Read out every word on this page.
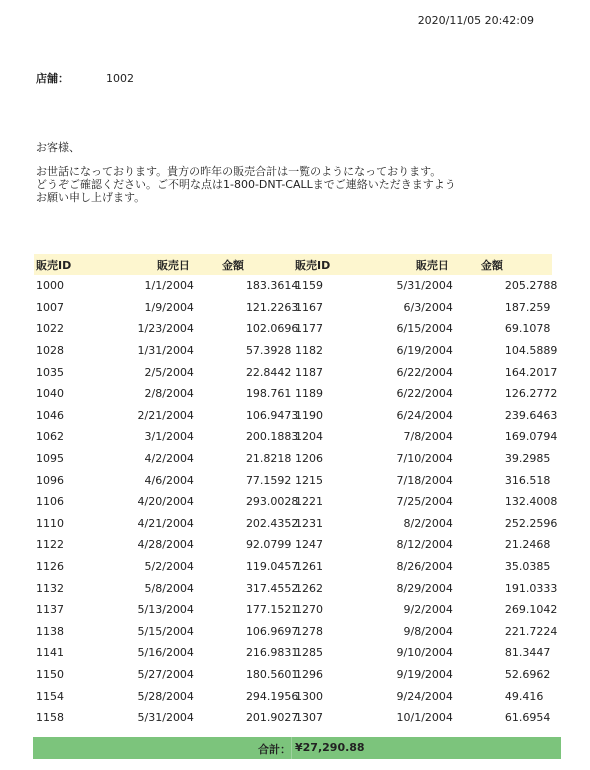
2020/11/05 20:42:09
店舗：	1002
お客様、
お世話になっております。貴方の昨年の販売合計は一覧のようになっております。
どうぞご確認ください。ご不明な点は1-800-DNT-CALLまでご連絡いただきますよう
お願い申し上げます。
販売ID	販売日	金額	販売ID	販売日	金額
1000	1/1/2004	183.3614	1159	5/31/2004	205.2788
1007	1/9/2004	121.2263	1167	6/3/2004	187.259
1022	1/23/2004	102.0696	1177	6/15/2004	69.1078
1028	1/31/2004	57.3928	1182	6/19/2004	104.5889
1035	2/5/2004	22.8442	1187	6/22/2004	164.2017
1040	2/8/2004	198.761	1189	6/22/2004	126.2772
1046	2/21/2004	106.9473	1190	6/24/2004	239.6463
1062	3/1/2004	200.1883	1204	7/8/2004	169.0794
1095	4/2/2004	21.8218	1206	7/10/2004	39.2985
1096	4/6/2004	77.1592	1215	7/18/2004	316.518
1106	4/20/2004	293.0028	1221	7/25/2004	132.4008
1110	4/21/2004	202.4352	1231	8/2/2004	252.2596
1122	4/28/2004	92.0799	1247	8/12/2004	21.2468
1126	5/2/2004	119.0457	1261	8/26/2004	35.0385
1132	5/8/2004	317.4552	1262	8/29/2004	191.0333
1137	5/13/2004	177.1521	1270	9/2/2004	269.1042
1138	5/15/2004	106.9697	1278	9/8/2004	221.7224
1141	5/16/2004	216.9831	1285	9/10/2004	81.3447
1150	5/27/2004	180.5601	1296	9/19/2004	52.6962
1154	5/28/2004	294.1956	1300	9/24/2004	49.416
1158	5/31/2004	201.9027	1307	10/1/2004	61.6954
合計： ¥27,290.88
